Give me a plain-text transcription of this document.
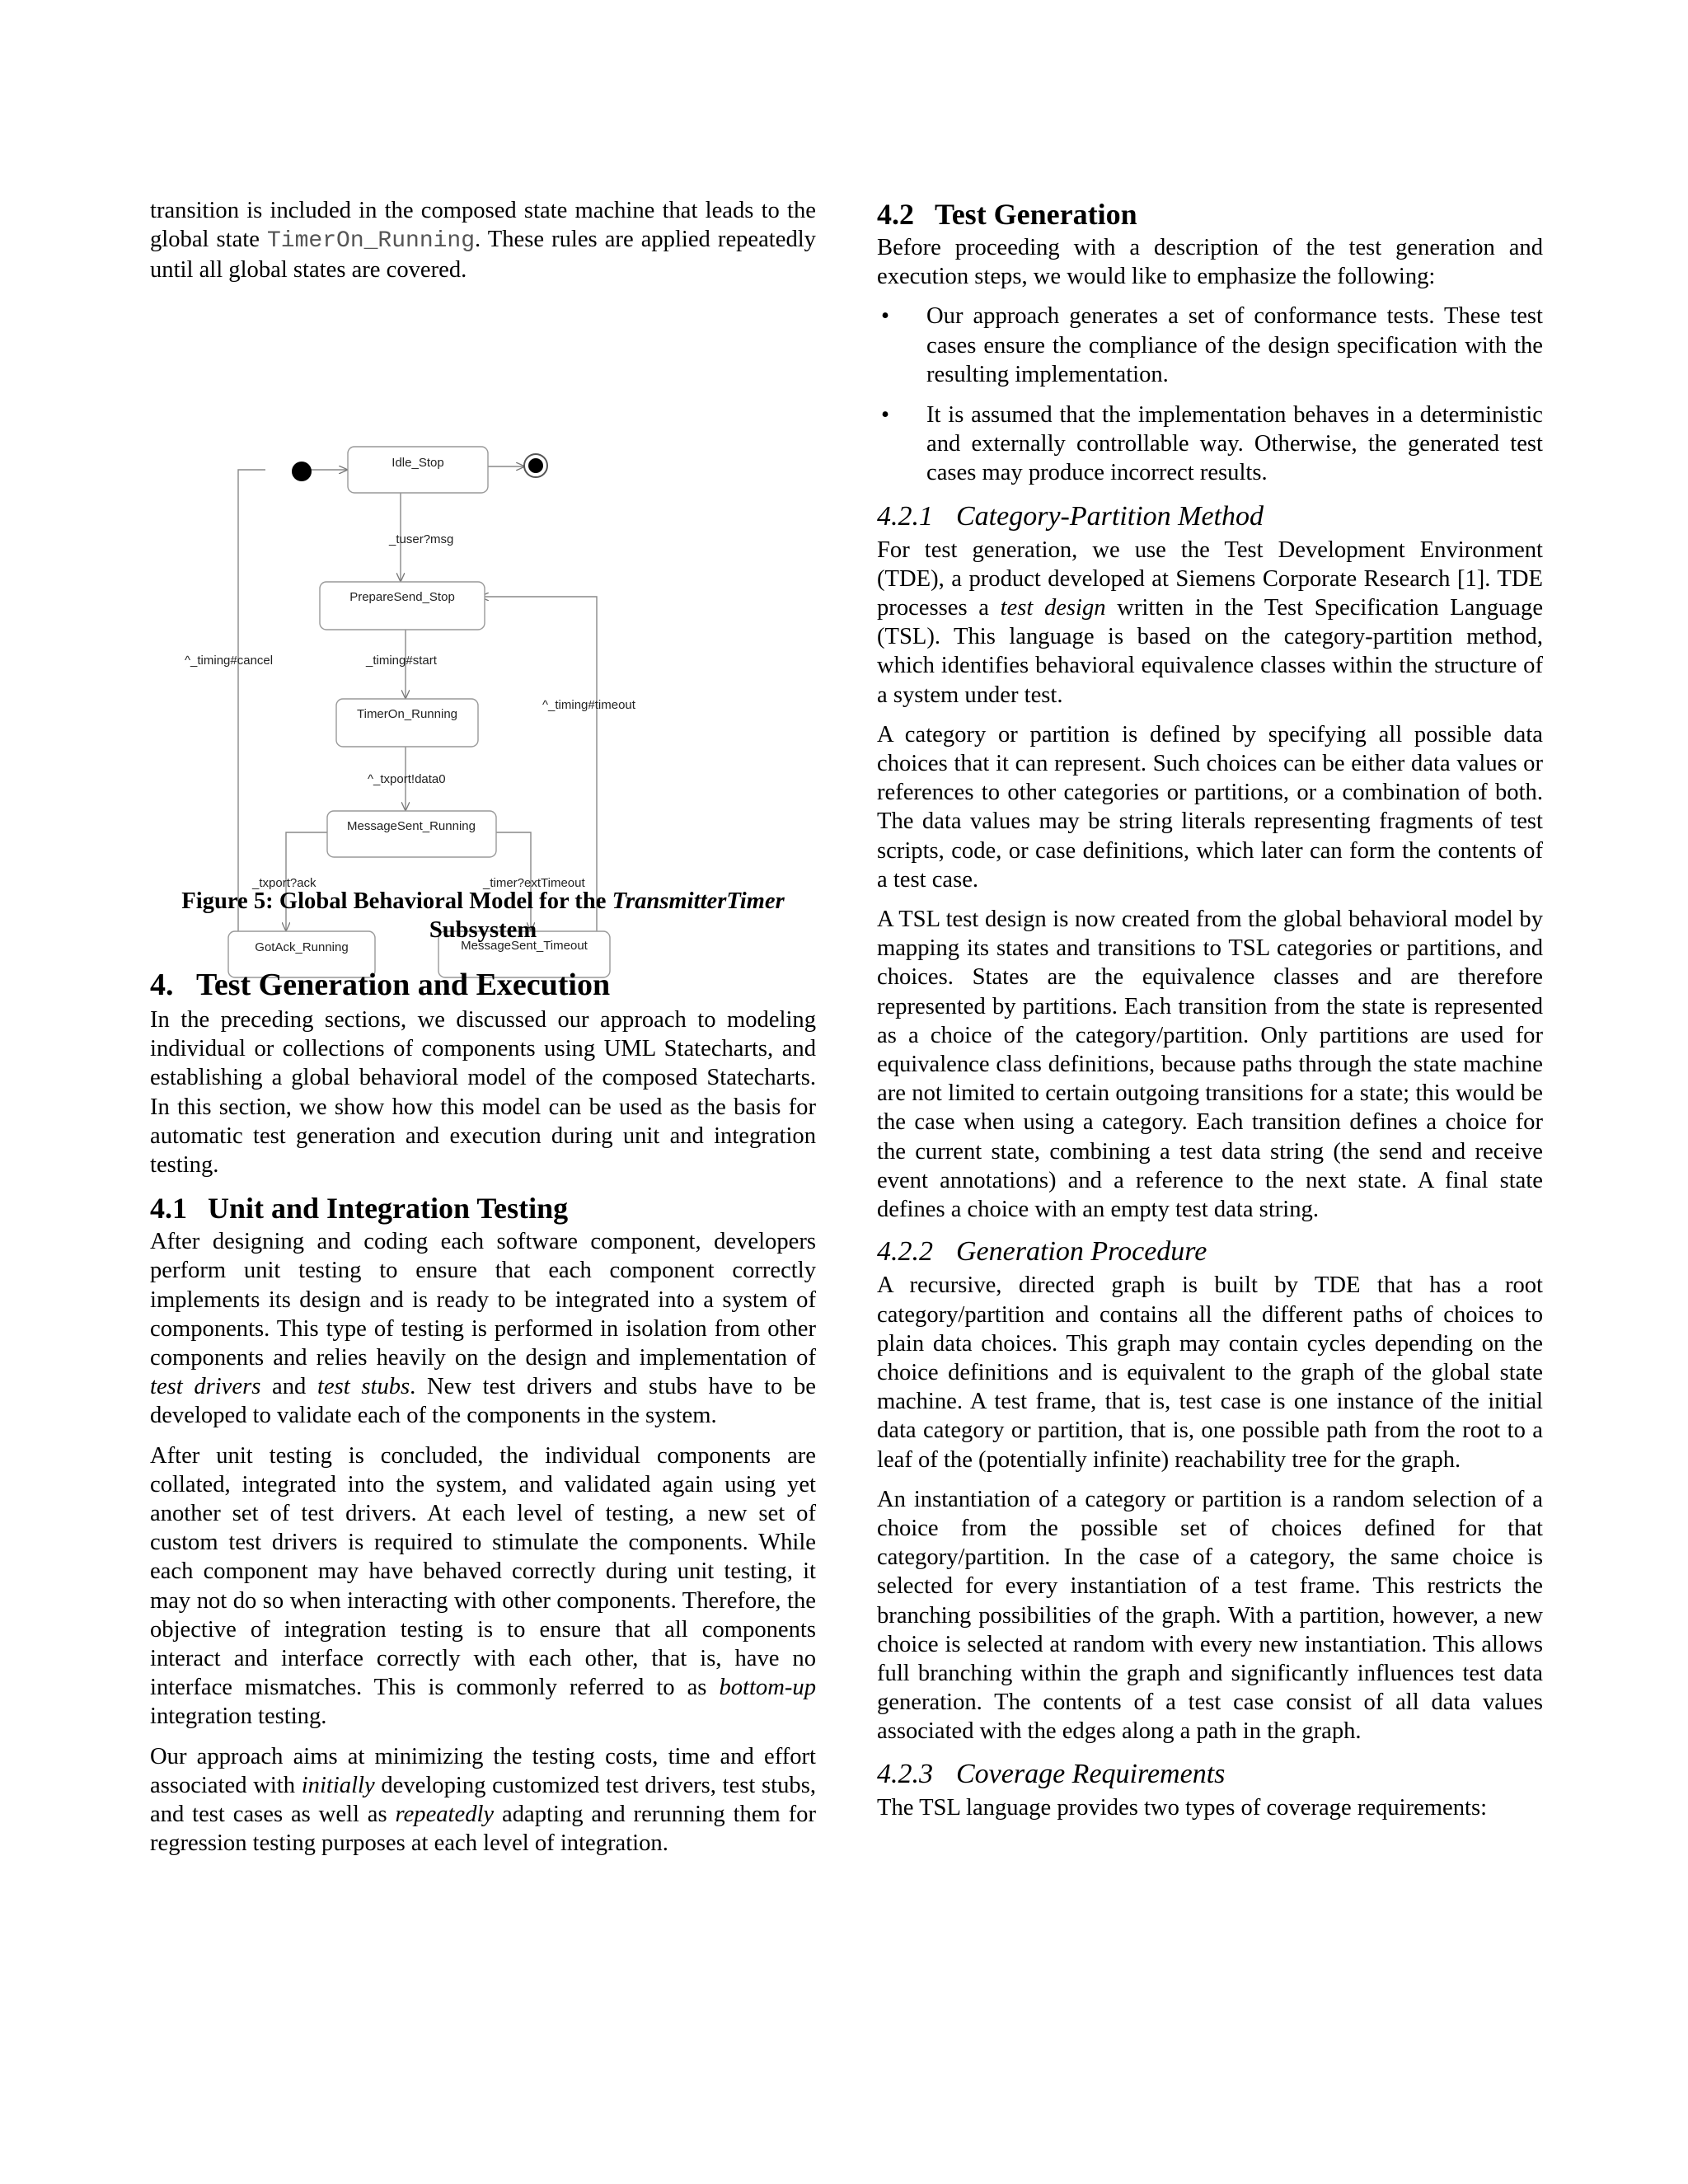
transition is included in the composed state machine that leads to the global state TimerOn_Running. These rules are applied repeatedly until all global states are covered.

Idle_Stop
PrepareSend_Stop
TimerOn_Running
MessageSent_Running
GotAck_Running	MessageSent_Timeout
_tuser?msg
_timing#start
^_txport!data0
_txport?ack	_timer?extTimeout
^_timing#cancel
^_timing#timeout

Figure 5: Global Behavioral Model for the TransmitterTimer

Subsystem

4. Test Generation and Execution

In the preceding sections, we discussed our approach to modeling individual or collections of components using UML Statecharts, and establishing a global behavioral model of the composed Statecharts. In this section, we show how this model can be used as the basis for automatic test generation and execution during unit and integration testing.

4.1 Unit and Integration Testing

After designing and coding each software component, developers perform unit testing to ensure that each component correctly implements its design and is ready to be integrated into a system of components. This type of testing is performed in isolation from other components and relies heavily on the design and implementation of test drivers and test stubs. New test drivers and stubs have to be developed to validate each of the components in the system.

After unit testing is concluded, the individual components are collated, integrated into the system, and validated again using yet another set of test drivers. At each level of testing, a new set of custom test drivers is required to stimulate the components. While each component may have behaved correctly during unit testing, it may not do so when interacting with other components. Therefore, the objective of integration testing is to ensure that all components interact and interface correctly with each other, that is, have no interface mismatches. This is commonly referred to as bottom-up integration testing.

Our approach aims at minimizing the testing costs, time and effort associated with initially developing customized test drivers, test stubs, and test cases as well as repeatedly adapting and rerunning them for regression testing purposes at each level of integration.

4.2 Test Generation

Before proceeding with a description of the test generation and execution steps, we would like to emphasize the following:

• Our approach generates a set of conformance tests. These test cases ensure the compliance of the design specification with the resulting implementation.

• It is assumed that the implementation behaves in a deterministic and externally controllable way. Otherwise, the generated test cases may produce incorrect results.

4.2.1 Category-Partition Method

For test generation, we use the Test Development Environment (TDE), a product developed at Siemens Corporate Research [1]. TDE processes a test design written in the Test Specification Language (TSL). This language is based on the category-partition method, which identifies behavioral equivalence classes within the structure of a system under test.

A category or partition is defined by specifying all possible data choices that it can represent. Such choices can be either data values or references to other categories or partitions, or a combination of both. The data values may be string literals representing fragments of test scripts, code, or case definitions, which later can form the contents of a test case.

A TSL test design is now created from the global behavioral model by mapping its states and transitions to TSL categories or partitions, and choices. States are the equivalence classes and are therefore represented by partitions. Each transition from the state is represented as a choice of the category/partition. Only partitions are used for equivalence class definitions, because paths through the state machine are not limited to certain outgoing transitions for a state; this would be the case when using a category. Each transition defines a choice for the current state, combining a test data string (the send and receive event annotations) and a reference to the next state. A final state defines a choice with an empty test data string.

4.2.2 Generation Procedure

A recursive, directed graph is built by TDE that has a root category/partition and contains all the different paths of choices to plain data choices. This graph may contain cycles depending on the choice definitions and is equivalent to the graph of the global state machine. A test frame, that is, test case is one instance of the initial data category or partition, that is, one possible path from the root to a leaf of the (potentially infinite) reachability tree for the graph.

An instantiation of a category or partition is a random selection of a choice from the possible set of choices defined for that category/partition. In the case of a category, the same choice is selected for every instantiation of a test frame. This restricts the branching possibilities of the graph. With a partition, however, a new choice is selected at random with every new instantiation. This allows full branching within the graph and significantly influences test data generation. The contents of a test case consist of all data values associated with the edges along a path in the graph.

4.2.3 Coverage Requirements

The TSL language provides two types of coverage requirements:
